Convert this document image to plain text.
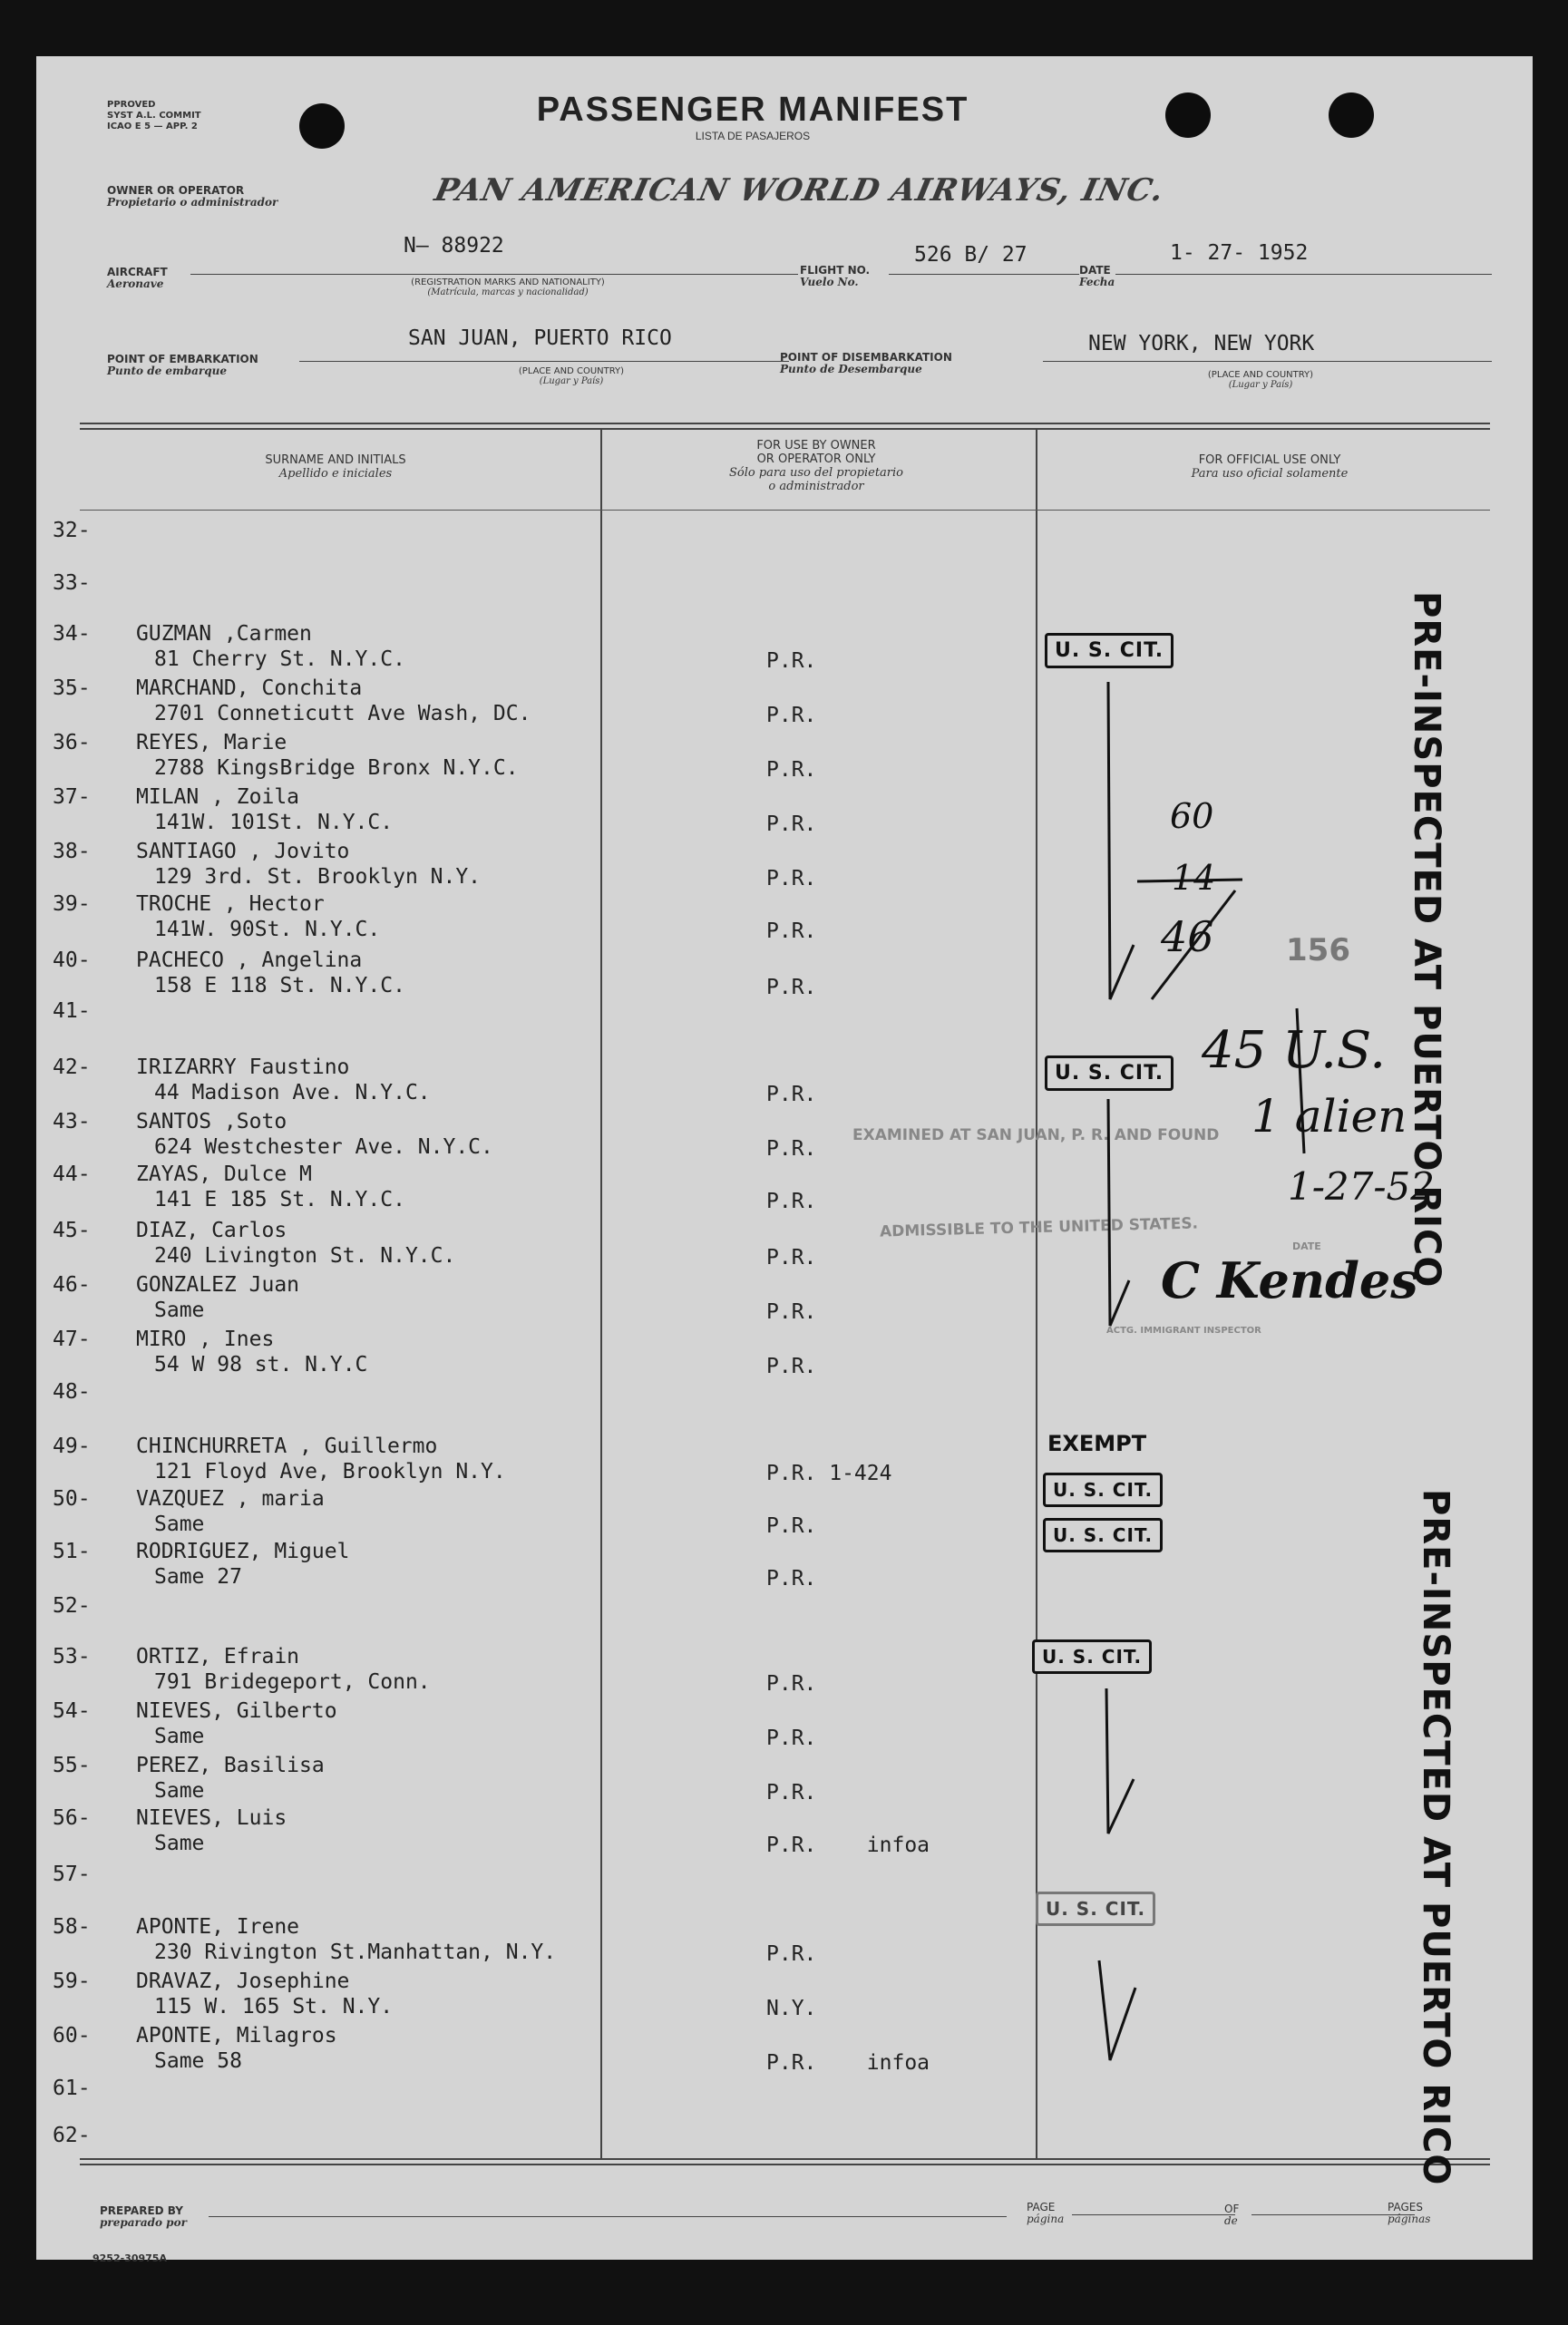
PPROVED
SYST A.L. COMMIT
ICAO E 5 — APP. 2	PASSENGER MANIFEST
LISTA DE PASAJEROS
OWNER OR OPERATOR
Propietario o administrador	PAN AMERICAN WORLD AIRWAYS, INC.
N— 88922
AIRCRAFT
Aeronave	(REGISTRATION MARKS AND NATIONALITY)
(Matrícula, marcas y nacionalidad)
FLIGHT NO.
Vuelo No.
526 B/ 27
DATE
Fecha
1- 27- 1952
SAN JUAN, PUERTO RICO
POINT OF EMBARKATION
Punto de embarque	(PLACE AND COUNTRY)
(Lugar y País)
POINT OF DISEMBARKATION
Punto de Desembarque
NEW YORK, NEW YORK
(PLACE AND COUNTRY)
(Lugar y País)
SURNAME AND INITIALS
Apellido e iniciales
FOR USE BY OWNER
OR OPERATOR ONLY
Sólo para uso del propietario
o administrador
FOR OFFICIAL USE ONLY
Para uso oficial solamente
32-
33-
34- GUZMAN ,Carmen
81 Cherry St. N.Y.C.	P.R.
35- MARCHAND, Conchita
2701 Conneticutt Ave Wash, DC.	P.R.
36- REYES, Marie
2788 KingsBridge Bronx N.Y.C.	P.R.
37- MILAN , Zoila
141W. 101St. N.Y.C.	P.R.
38- SANTIAGO , Jovito
129 3rd. St. Brooklyn N.Y.	P.R.
39- TROCHE , Hector
141W. 90St. N.Y.C.	P.R.
40- PACHECO , Angelina
158 E 118 St. N.Y.C.	P.R.
41-
42- IRIZARRY Faustino
44 Madison Ave. N.Y.C.	P.R.
43- SANTOS ,Soto
624 Westchester Ave. N.Y.C.	P.R.
44- ZAYAS, Dulce M
141 E 185 St. N.Y.C.	P.R.
45- DIAZ, Carlos
240 Livington St. N.Y.C.	P.R.
46- GONZALEZ Juan
Same	P.R.
47- MIRO , Ines
54 W 98 st. N.Y.C	P.R.
48-
49- CHINCHURRETA , Guillermo
121 Floyd Ave, Brooklyn N.Y.	P.R. 1-424
50- VAZQUEZ , maria
Same	P.R.
51- RODRIGUEZ, Miguel
Same 27	P.R.
52-
53- ORTIZ, Efrain
791 Bridegeport, Conn.	P.R.
54- NIEVES, Gilberto
Same	P.R.
55- PEREZ, Basilisa
Same	P.R.
56- NIEVES, Luis
Same	P.R.    infoa
57-
58- APONTE, Irene
230 Rivington St.Manhattan, N.Y.	P.R.
59- DRAVAZ, Josephine
115 W. 165 St. N.Y.	N.Y.
60- APONTE, Milagros
Same 58	P.R.    infoa
61-
62-
U. S. CIT.
U. S. CIT.
EXEMPT
U. S. CIT.
U. S. CIT.
U. S. CIT.
U. S. CIT.
PRE-INSPECTED AT PUERTO RICO
PRE-INSPECTED AT PUERTO RICO
EXAMINED AT SAN JUAN, P. R. AND FOUND
ADMISSIBLE TO THE UNITED STATES.
DATE
ACTG. IMMIGRANT INSPECTOR
156
60
14
46
45 U.S.
1 alien
1-27-52
C Kendes
PREPARED BY
preparado por
PAGE
página
OF
de
PAGES
páginas
9252-30975A
